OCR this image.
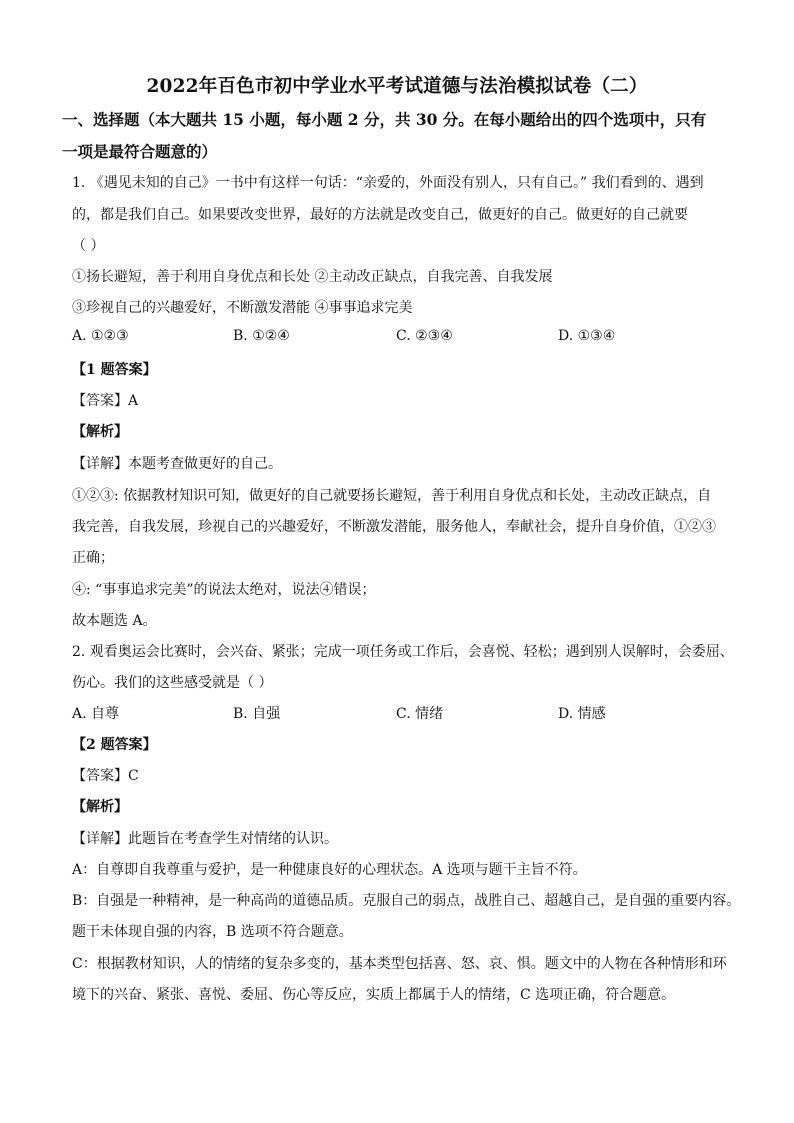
2022年百色市初中学业水平考试道德与法治模拟试卷（二）
一、选择题（本大题共 15 小题，每小题 2 分，共 30 分。在每小题给出的四个选项中，只有
一项是最符合题意的）
1. 《遇见未知的自己》一书中有这样一句话：“亲爱的，外面没有别人，只有自己。” 我们看到的、遇到
的，都是我们自己。如果要改变世界，最好的方法就是改变自己，做更好的自己。做更好的自己就要
（ ）
①扬长避短，善于利用自身优点和长处 ②主动改正缺点，自我完善、自我发展
③珍视自己的兴趣爱好，不断激发潜能 ④事事追求完美
A. ①②③	B. ①②④	C. ②③④	D. ①③④
【1 题答案】
【答案】A
【解析】
【详解】本题考查做更好的自己。
①②③: 依据教材知识可知，做更好的自己就要扬长避短，善于利用自身优点和长处，主动改正缺点，自
我完善，自我发展，珍视自己的兴趣爱好，不断激发潜能，服务他人，奉献社会，提升自身价值，①②③
正确；
④: “事事追求完美”的说法太绝对，说法④错误；
故本题选 A。
2. 观看奥运会比赛时，会兴奋、紧张；完成一项任务或工作后，会喜悦、轻松；遇到别人误解时，会委屈、
伤心。我们的这些感受就是（ ）
A. 自尊	B. 自强	C. 情绪	D. 情感
【2 题答案】
【答案】C
【解析】
【详解】此题旨在考查学生对情绪的认识。
A：自尊即自我尊重与爱护，是一种健康良好的心理状态。A 选项与题干主旨不符。
B：自强是一种精神，是一种高尚的道德品质。克服自己的弱点，战胜自己、超越自己，是自强的重要内容。
题干未体现自强的内容，B 选项不符合题意。
C：根据教材知识，人的情绪的复杂多变的，基本类型包括喜、怒、哀、惧。题文中的人物在各种情形和环
境下的兴奋、紧张、喜悦、委屈、伤心等反应，实质上都属于人的情绪，C 选项正确，符合题意。
